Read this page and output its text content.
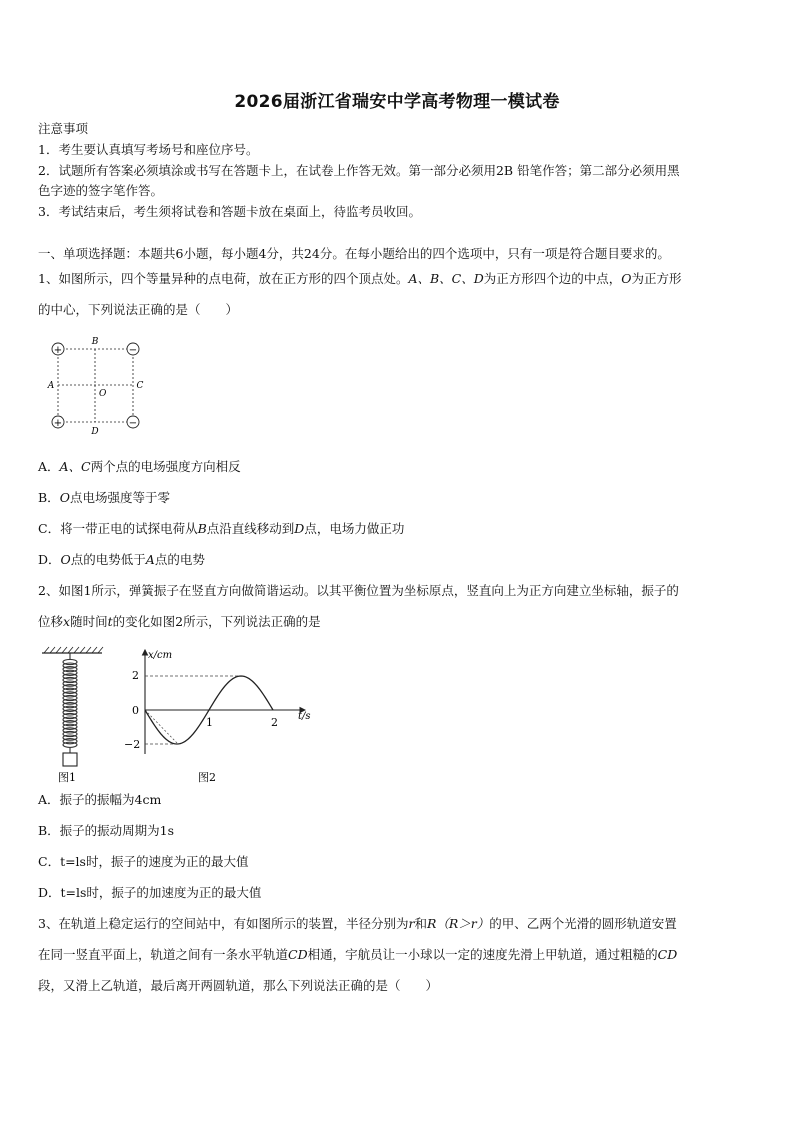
2026届浙江省瑞安中学高考物理一模试卷
注意事项
1．考生要认真填写考场号和座位序号。
2．试题所有答案必须填涂或书写在答题卡上，在试卷上作答无效。第一部分必须用2B 铅笔作答；第二部分必须用黑
色字迹的签字笔作答。
3．考试结束后，考生须将试卷和答题卡放在桌面上，待监考员收回。
一、单项选择题：本题共6小题，每小题4分，共24分。在每小题给出的四个选项中，只有一项是符合题目要求的。
1、如图所示，四个等量异种的点电荷，放在正方形的四个顶点处。A、B、C、D为正方形四个边的中点，O为正方形
的中心，下列说法正确的是（　　）
+	−
+	−
B
D
A	C
O
A．A、C两个点的电场强度方向相反
B．O点电场强度等于零
C．将一带正电的试探电荷从B点沿直线移动到D点，电场力做正功
D．O点的电势低于A点的电势
2、如图1所示，弹簧振子在竖直方向做简谐运动。以其平衡位置为坐标原点，竖直向上为正方向建立坐标轴，振子的
位移x随时间t的变化如图2所示，下列说法正确的是
图1
x/cm
t/s
2
0
−2
1	2
图2
A．振子的振幅为4cm
B．振子的振动周期为1s
C．t=ls时，振子的速度为正的最大值
D．t=ls时，振子的加速度为正的最大值
3、在轨道上稳定运行的空间站中，有如图所示的装置，半径分别为r和R（R＞r）的甲、乙两个光滑的圆形轨道安置
在同一竖直平面上，轨道之间有一条水平轨道CD相通，宇航员让一小球以一定的速度先滑上甲轨道，通过粗糙的CD
段，又滑上乙轨道，最后离开两圆轨道，那么下列说法正确的是（　　）
